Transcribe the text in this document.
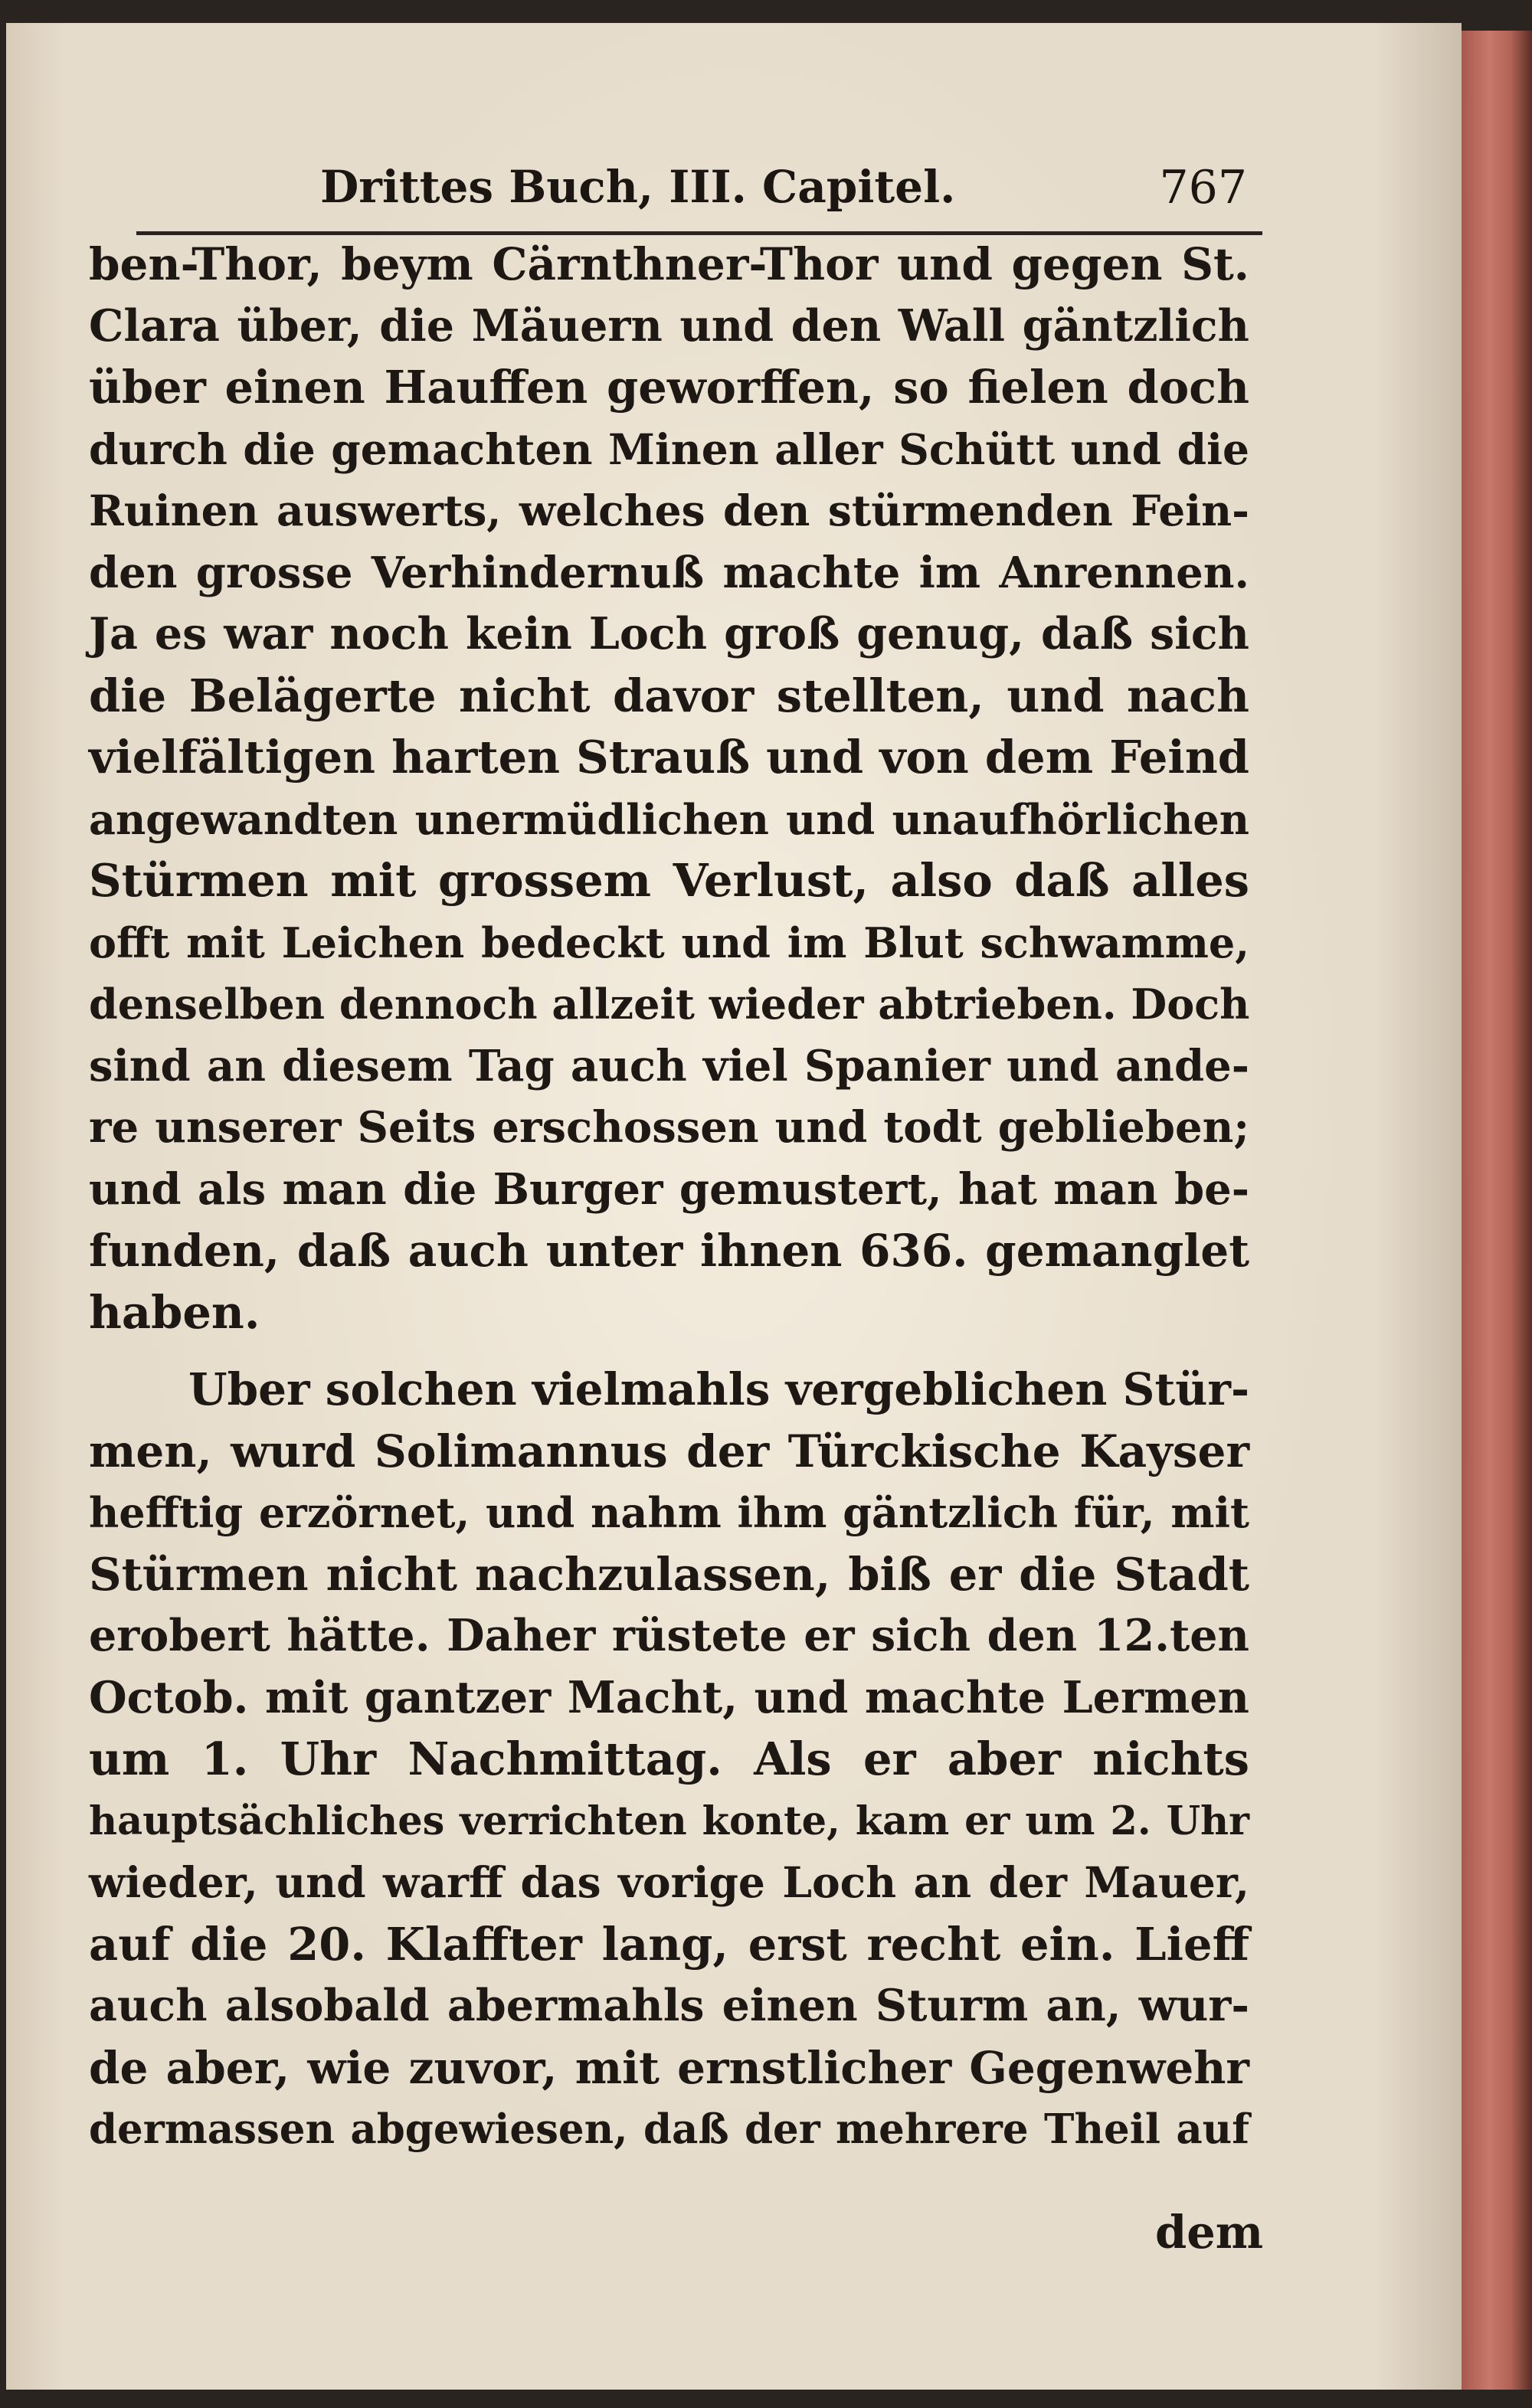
Drittes Buch, III. Capitel.	767
ben-Thor, beym Cärnthner-Thor und gegen St.
Clara über, die Mäuern und den Wall gäntzlich
über einen Hauffen geworffen, so fielen doch
durch die gemachten Minen aller Schütt und die
Ruinen auswerts, welches den stürmenden Fein-
den grosse Verhindernuß machte im Anrennen.
Ja es war noch kein Loch groß genug, daß sich
die Belägerte nicht davor stellten, und nach
vielfältigen harten Strauß und von dem Feind
angewandten unermüdlichen und unaufhörlichen
Stürmen mit grossem Verlust, also daß alles
offt mit Leichen bedeckt und im Blut schwamme,
denselben dennoch allzeit wieder abtrieben. Doch
sind an diesem Tag auch viel Spanier und ande-
re unserer Seits erschossen und todt geblieben;
und als man die Burger gemustert, hat man be-
funden, daß auch unter ihnen 636. gemanglet
haben.
Uber solchen vielmahls vergeblichen Stür-
men, wurd Solimannus der Türckische Kayser
hefftig erzörnet, und nahm ihm gäntzlich für, mit
Stürmen nicht nachzulassen, biß er die Stadt
erobert hätte. Daher rüstete er sich den 12.ten
Octob. mit gantzer Macht, und machte Lermen
um 1. Uhr Nachmittag. Als er aber nichts
hauptsächliches verrichten konte, kam er um 2. Uhr
wieder, und warff das vorige Loch an der Mauer,
auf die 20. Klaffter lang, erst recht ein. Lieff
auch alsobald abermahls einen Sturm an, wur-
de aber, wie zuvor, mit ernstlicher Gegenwehr
dermassen abgewiesen, daß der mehrere Theil auf
dem
